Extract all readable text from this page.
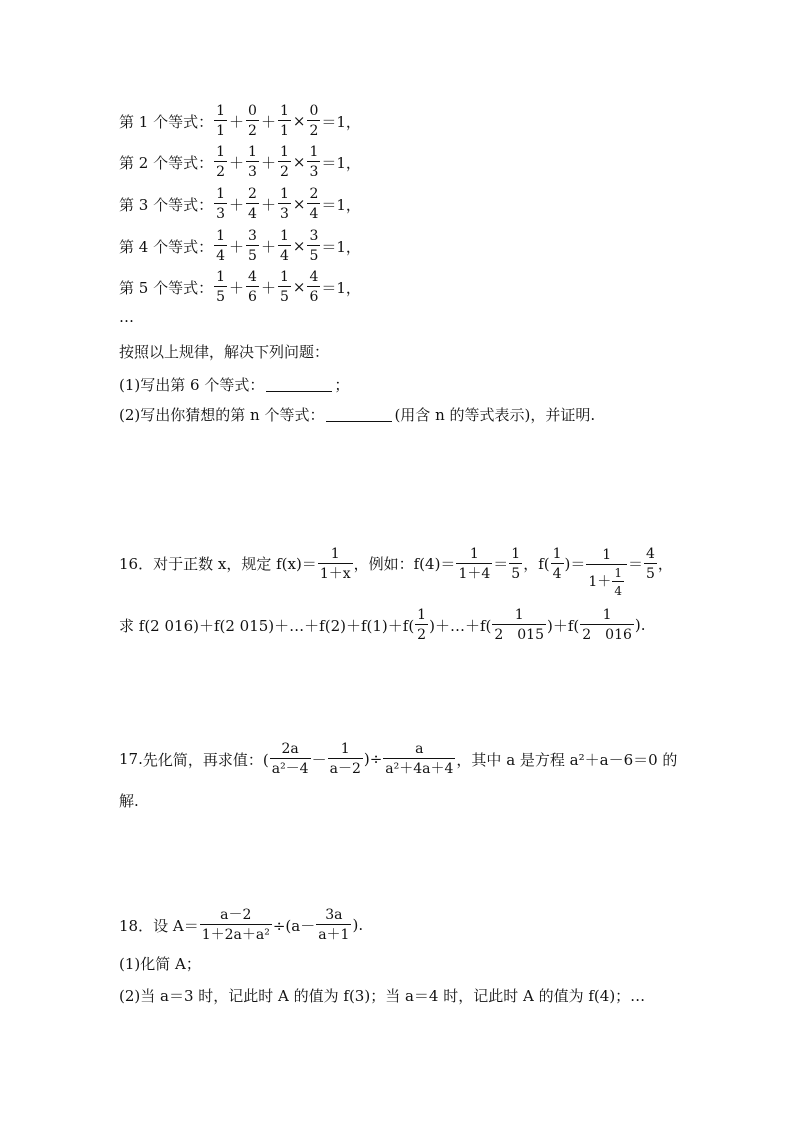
第 1 个等式： $\frac{1}{1} + \frac{0}{2} + \frac{1}{1} \times \frac{0}{2} =1$，
第 2 个等式： $\frac{1}{2} + \frac{1}{3} + \frac{1}{2} \times \frac{1}{3} =1$，
第 3 个等式： $\frac{1}{3} + \frac{2}{4} + \frac{1}{3} \times \frac{2}{4} =1$，
第 4 个等式： $\frac{1}{4} + \frac{3}{5} + \frac{1}{4} \times \frac{3}{5} =1$，
第 5 个等式： $\frac{1}{5} + \frac{4}{6} + \frac{1}{5} \times \frac{4}{6} =1$，
…
按照以上规律，解决下列问题：
(1)写出第 6 个等式：	；
(2)写出你猜想的第 n 个等式：	(用含 n 的等式表示)，并证明.
16． 对于正数 x，规定 $f(x)= \frac{1}{1+x}$ ，例如：$f(4)= \frac{1}{1+4} = \frac{1}{5}$ ，$f( \frac{1}{4}$ )＝ $\frac{1}{1+ \frac{1}{4}} = \frac{4}{5}$ ，
求 f(2 016)＋f(2 015)＋…＋f(2)＋f(1)＋f( $\frac{1}{2}$ )＋…＋f( $\frac{1}{2 015} )+f( \frac{1}{2 016}$ ).
17. 先化简，再求值：( $\frac{2a}{\text{a²－4}} - \frac{1}{a-2}$ )÷ $\frac{a}{\text{a²＋4a＋4}}$ ，其中 a 是方程 a²＋a－6＝0 的
解.
18． 设 $A= \frac{a-2}{\text{1＋2a＋a²}} \div(a- \frac{3a}{a+1}$ ).
(1)化简 A；
(2)当 a＝3 时，记此时 A 的值为 f(3)；当 a＝4 时，记此时 A 的值为 f(4)；…
